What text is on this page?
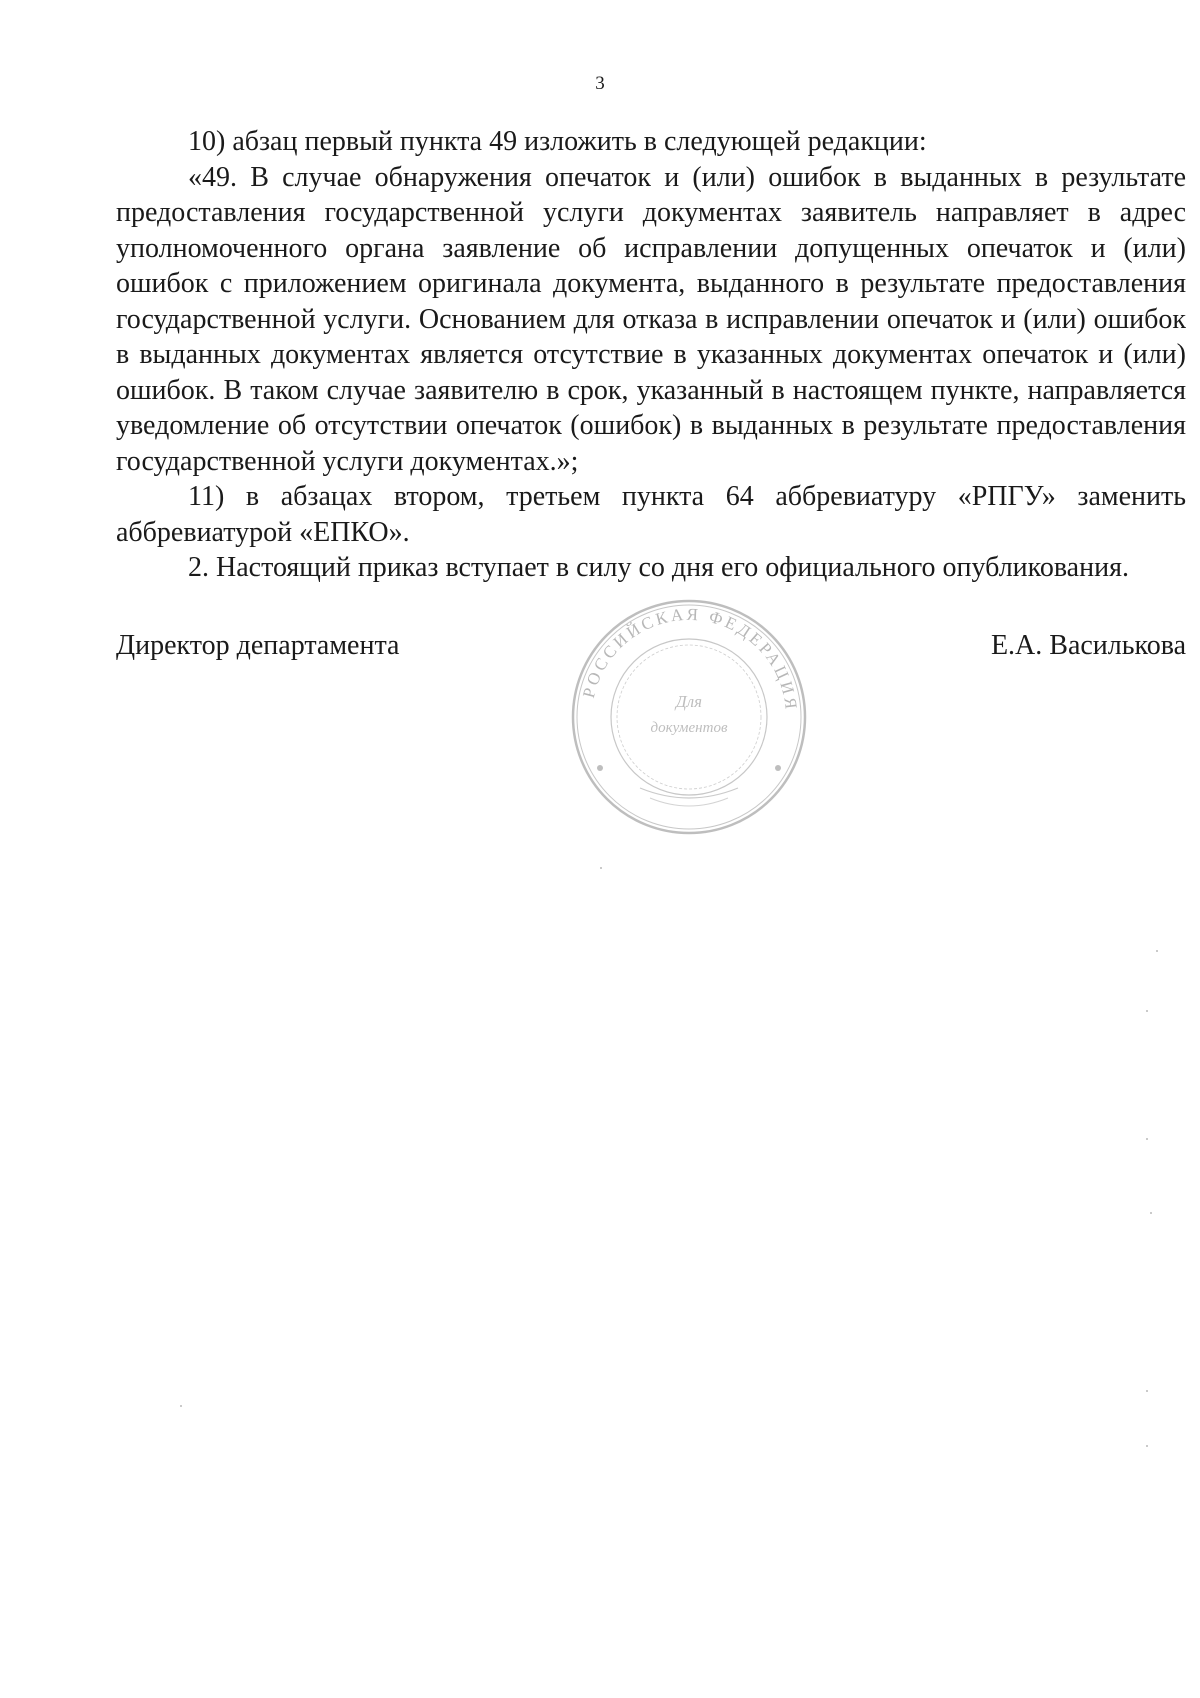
3

10) абзац первый пункта 49 изложить в следующей редакции:

«49. В случае обнаружения опечаток и (или) ошибок в выданных в результате предоставления государственной услуги документах заявитель направляет в адрес уполномоченного органа заявление об исправлении допущенных опечаток и (или) ошибок с приложением оригинала документа, выданного в результате предоставления государственной услуги. Основанием для отказа в исправлении опечаток и (или) ошибок в выданных документах является отсутствие в указанных документах опечаток и (или) ошибок. В таком случае заявителю в срок, указанный в настоящем пункте, направляется уведомление об отсутствии опечаток (ошибок) в выданных в результате предоставления государственной услуги документах.»;

11) в абзацах втором, третьем пункта 64 аббревиатуру «РПГУ» заменить аббревиатурой «ЕПКО».

2. Настоящий приказ вступает в силу со дня его официального опубликования.

Директор департамента	Е.А. Василькова
РОССИЙСКАЯ ФЕДЕРАЦИЯ
Для
документов
